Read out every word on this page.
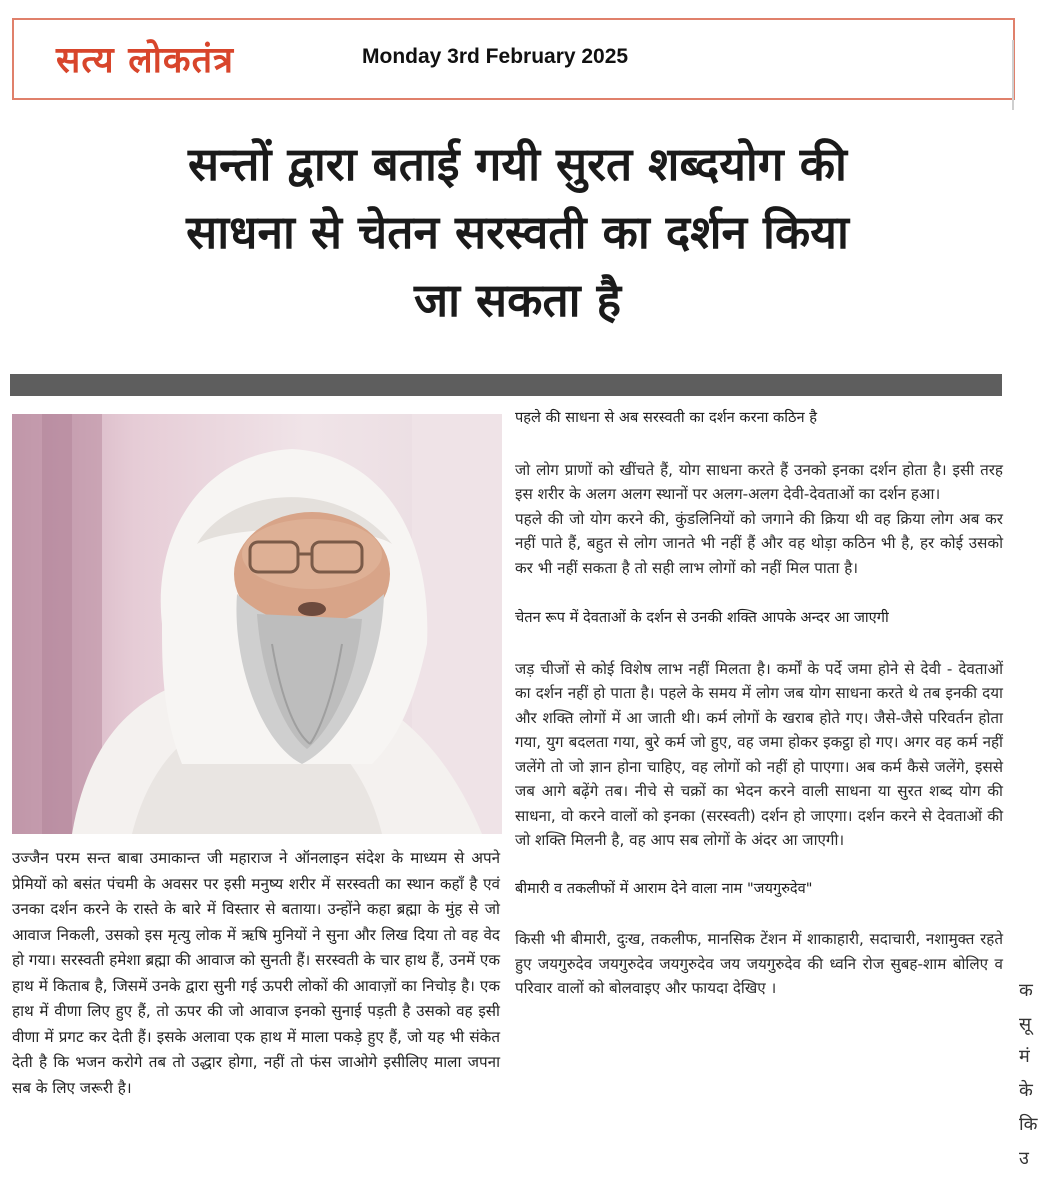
सत्य लोकतंत्र	Monday 3rd February 2025
सन्तों द्वारा बताई गयी सुरत शब्दयोग की
साधना से चेतन सरस्वती का दर्शन किया
जा सकता है
उज्जैन परम सन्त बाबा उमाकान्त जी महाराज ने ऑनलाइन संदेश के माध्यम से अपने प्रेमियों को बसंत पंचमी के अवसर पर इसी मनुष्य शरीर में सरस्वती का स्थान कहाँ है एवं उनका दर्शन करने के रास्ते के बारे में विस्तार से बताया। उन्होंने कहा ब्रह्मा के मुंह से जो आवाज निकली, उसको इस मृत्यु लोक में ऋषि मुनियों ने सुना और लिख दिया तो वह वेद हो गया। सरस्वती हमेशा ब्रह्मा की आवाज को सुनती हैं। सरस्वती के चार हाथ हैं, उनमें एक हाथ में किताब है, जिसमें उनके द्वारा सुनी गई ऊपरी लोकों की आवाज़ों का निचोड़ है। एक हाथ में वीणा लिए हुए हैं, तो ऊपर की जो आवाज इनको सुनाई पड़ती है उसको वह इसी वीणा में प्रगट कर देती हैं। इसके अलावा एक हाथ में माला पकड़े हुए हैं, जो यह भी संकेत देती है कि भजन करोगे तब तो उद्धार होगा, नहीं तो फंस जाओगे इसीलिए माला जपना सब के लिए जरूरी है।

पहले की साधना से अब सरस्वती का दर्शन करना कठिन है

जो लोग प्राणों को खींचते हैं, योग साधना करते हैं उनको इनका दर्शन होता है। इसी तरह इस शरीर के अलग अलग स्थानों पर अलग-अलग देवी-देवताओं का दर्शन हआ।

पहले की जो योग करने की, कुंडलिनियों को जगाने की क्रिया थी वह क्रिया लोग अब कर नहीं पाते हैं, बहुत से लोग जानते भी नहीं हैं और वह थोड़ा कठिन भी है, हर कोई उसको कर भी नहीं सकता है तो सही लाभ लोगों को नहीं मिल पाता है।

चेतन रूप में देवताओं के दर्शन से उनकी शक्ति आपके अन्दर आ जाएगी

जड़ चीजों से कोई विशेष लाभ नहीं मिलता है। कर्मों के पर्दे जमा होने से देवी - देवताओं का दर्शन नहीं हो पाता है। पहले के समय में लोग जब योग साधना करते थे तब इनकी दया और शक्ति लोगों में आ जाती थी। कर्म लोगों के खराब होते गए। जैसे-जैसे परिवर्तन होता गया, युग बदलता गया, बुरे कर्म जो हुए, वह जमा होकर इकट्ठा हो गए। अगर वह कर्म नहीं जलेंगे तो जो ज्ञान होना चाहिए, वह लोगों को नहीं हो पाएगा। अब कर्म कैसे जलेंगे, इससे जब आगे बढ़ेंगे तब। नीचे से चक्रों का भेदन करने वाली साधना या सुरत शब्द योग की साधना, वो करने वालों को इनका (सरस्वती) दर्शन हो जाएगा। दर्शन करने से देवताओं की जो शक्ति मिलनी है, वह आप सब लोगों के अंदर आ जाएगी।

बीमारी व तकलीफों में आराम देने वाला नाम "जयगुरुदेव"

किसी भी बीमारी, दुःख, तकलीफ, मानसिक टेंशन में शाकाहारी, सदाचारी, नशामुक्त रहते हुए जयगुरुदेव जयगुरुदेव जयगुरुदेव जय जयगुरुदेव की ध्वनि रोज सुबह-शाम बोलिए व परिवार वालों को बोलवाइए और फायदा देखिए ।	क
सू
मं
के
कि
उ
